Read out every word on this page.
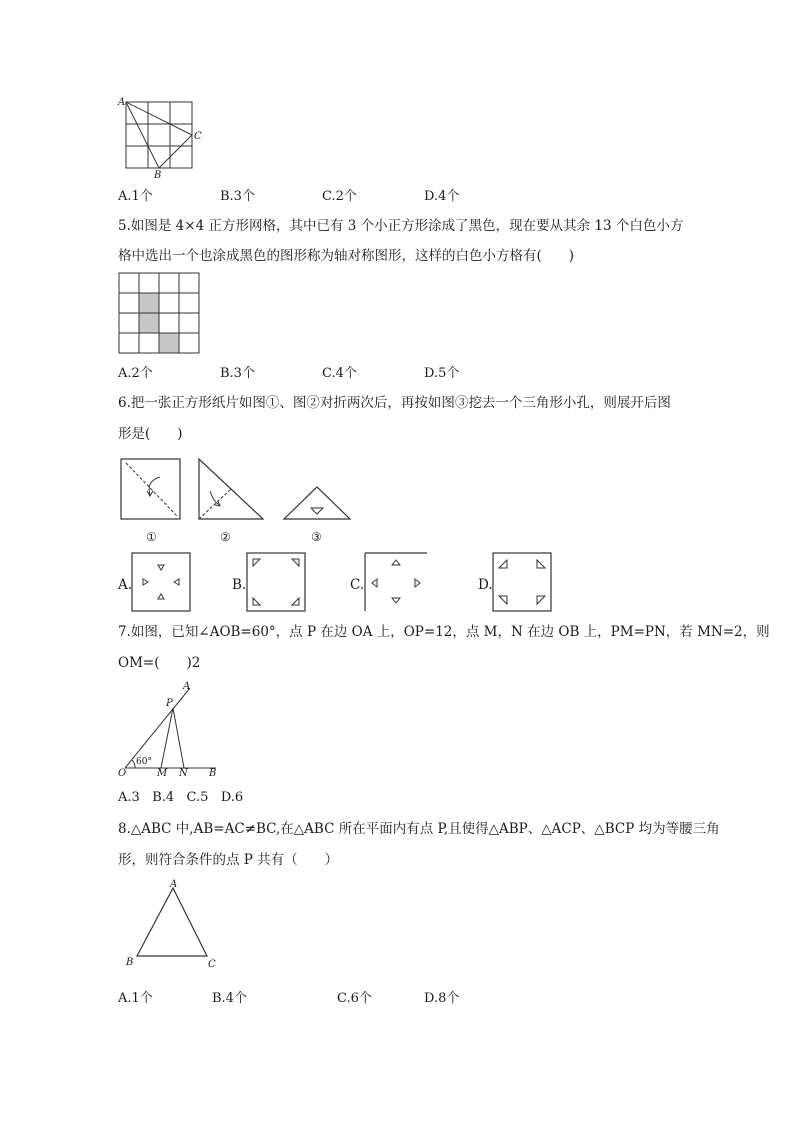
A
C
B
A.1个	B.3个	C.2个	D.4个
5.如图是 4×4 正方形网格，其中已有 3 个小正方形涂成了黑色，现在要从其余 13 个白色小方
格中选出一个也涂成黑色的图形称为轴对称图形，这样的白色小方格有(　　)
A.2个	B.3个	C.4个	D.5个
6.把一张正方形纸片如图①、图②对折两次后，再按如图③挖去一个三角形小孔，则展开后图
形是(　　)
①	②	③
A.	B.	C.	D.
7.如图，已知∠AOB=60°，点 P 在边 OA 上，OP=12，点 M，N 在边 OB 上，PM=PN，若 MN=2，则
OM=(　　)2
A
P
O	M N B
60°
A.3   B.4   C.5   D.6
8.△ABC 中,AB=AC≠BC,在△ABC 所在平面内有点 P,且使得△ABP、△ACP、△BCP 均为等腰三角
形，则符合条件的点 P 共有（　　）
A
B	C
A.1个	B.4个	C.6个	D.8个
